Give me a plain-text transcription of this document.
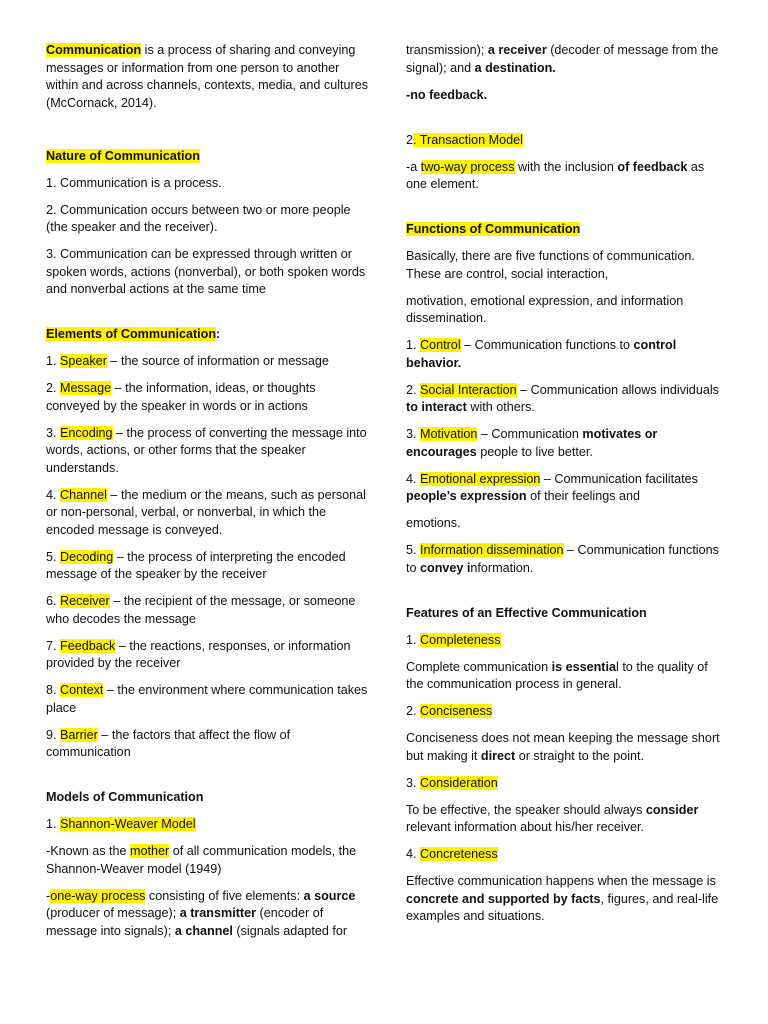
Communication is a process of sharing and conveying messages or information from one person to another within and across channels, contexts, media, and cultures (McCornack, 2014).

Nature of Communication

1. Communication is a process.

2. Communication occurs between two or more people (the speaker and the receiver).

3. Communication can be expressed through written or spoken words, actions (nonverbal), or both spoken words and nonverbal actions at the same time

Elements of Communication:

1. Speaker – the source of information or message

2. Message – the information, ideas, or thoughts conveyed by the speaker in words or in actions

3. Encoding – the process of converting the message into words, actions, or other forms that the speaker understands.

4. Channel – the medium or the means, such as personal or non-personal, verbal, or nonverbal, in which the encoded message is conveyed.

5. Decoding – the process of interpreting the encoded message of the speaker by the receiver

6. Receiver – the recipient of the message, or someone who decodes the message

7. Feedback – the reactions, responses, or information provided by the receiver

8. Context – the environment where communication takes place

9. Barrier – the factors that affect the flow of communication

Models of Communication

1. Shannon-Weaver Model

-Known as the mother of all communication models, the Shannon-Weaver model (1949)

-one-way process consisting of five elements: a source (producer of message); a transmitter (encoder of message into signals); a channel (signals adapted for

transmission); a receiver (decoder of message from the signal); and a destination.

-no feedback.

2. Transaction Model

-a two-way process with the inclusion of feedback as one element.

Functions of Communication

Basically, there are five functions of communication. These are control, social interaction,

motivation, emotional expression, and information dissemination.

1. Control – Communication functions to control behavior.

2. Social Interaction – Communication allows individuals to interact with others.

3. Motivation – Communication motivates or encourages people to live better.

4. Emotional expression – Communication facilitates people’s expression of their feelings and

emotions.

5. Information dissemination – Communication functions to convey information.

Features of an Effective Communication

1. Completeness

Complete communication is essential to the quality of the communication process in general.

2. Conciseness

Conciseness does not mean keeping the message short but making it direct or straight to the point.

3. Consideration

To be effective, the speaker should always consider relevant information about his/her receiver.

4. Concreteness

Effective communication happens when the message is concrete and supported by facts, figures, and real-life examples and situations.
